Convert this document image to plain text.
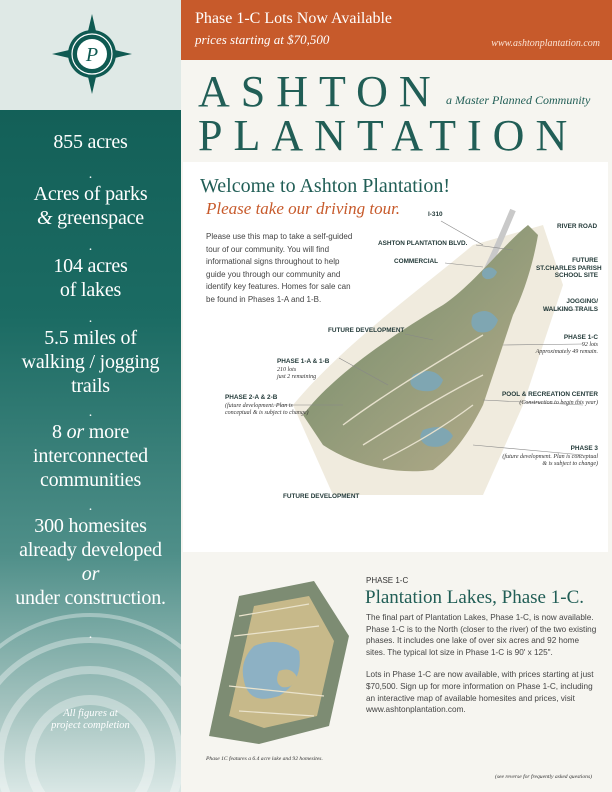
P
855 acres
.
Acres of parks
& greenspace
.
104 acres
of lakes
.
5.5 miles of
walking / jogging
trails
.
8 or more
interconnected
communities
.
300 homesites
already developed
or
under construction.
.
All figures at
project completion
Phase 1-C Lots Now Available
prices starting at $70,500	www.ashtonplantation.com
ASHTON a Master Planned Community
PLANTATION
Welcome to Ashton Plantation!
Please take our driving tour.
Please use this map to take a self-guided tour of our community. You will find informational signs throughout to help guide you through our community and identify key features. Homes for sale can be found in Phases 1-A and 1-B.
I-310
RIVER ROAD
ASHTON PLANTATION BLVD.
COMMERCIAL	FUTURE
ST.CHARLES PARISH
SCHOOL SITE
JOGGING/
WALKING TRAILS
FUTURE DEVELOPMENT
PHASE 1-C
92 lots
Approximately 49 remain.
PHASE 1-A & 1-B
210 lots
just 2 remaining
POOL & RECREATION CENTER
(Construction to begin this year)
PHASE 2-A & 2-B
(future development. Plan is
conceptual & is subject to change)
PHASE 3
(future development. Plan is conceptual
& is subject to change)
FUTURE DEVELOPMENT
Phase 1C features a 6.4 acre lake and 92 homesites.
PHASE 1-C
Plantation Lakes, Phase 1-C.

The final part of Plantation Lakes, Phase 1-C, is now available. Phase 1-C is to the North (closer to the river) of the two existing phases. It includes one lake of over six acres and 92 home sites. The typical lot size in Phase 1-C is 90' x 125".

Lots in Phase 1-C are now available, with prices starting at just $70,500. Sign up for more information on Phase 1-C, including an interactive map of available homesites and prices, visit www.ashtonplantation.com.

(see reverse for frequently asked questions)
